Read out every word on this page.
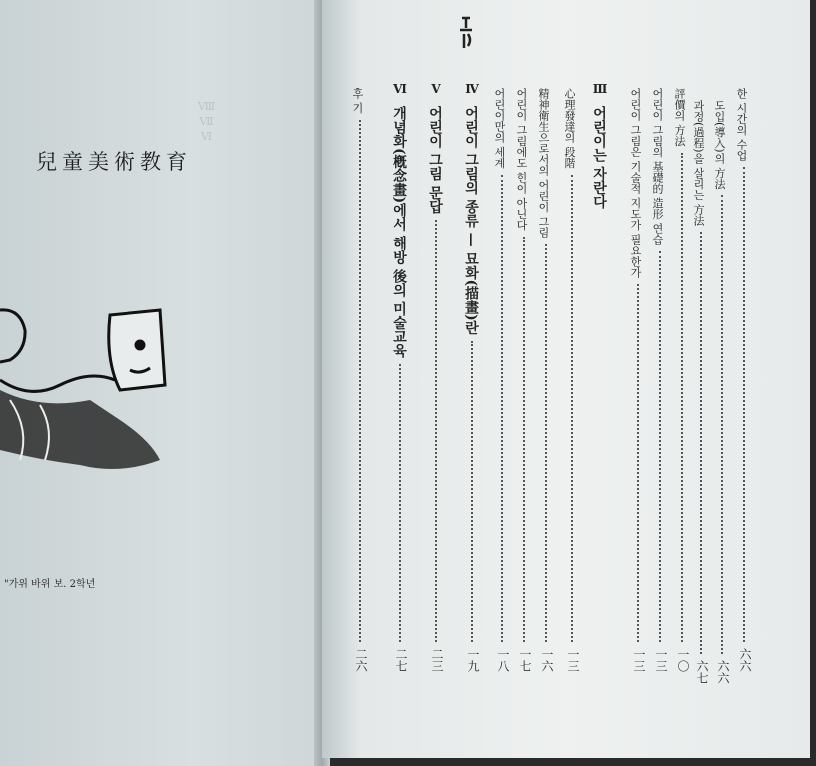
ⅧⅦⅥ
兒童美術教育
"가위 바위 보. 2학년
한 시간의 수업
六六
도입(導入)의 方法
六六
과정(過程)을 살리는 方法
六七
評價의 方法
一〇
어린이 그림의 基礎的 造形 연습
一三
어린이 그림은 기술적 지도가 필요한가
一三
Ⅲ
어린이는 자란다
心理發達의 段階
一三
精神衛生으로서의 어린이 그림
一六
어린이 그림에도 힌이 아닌다
一七
어린이만의 세계
一八
Ⅳ
어린이 그림의 종류 — 묘화(描畫)란
一九
Ⅴ
어린이 그림 문답
二三
Ⅵ
개념화(槪念畫)에서 해방 後의 미술교육
二七
후 기
二六
